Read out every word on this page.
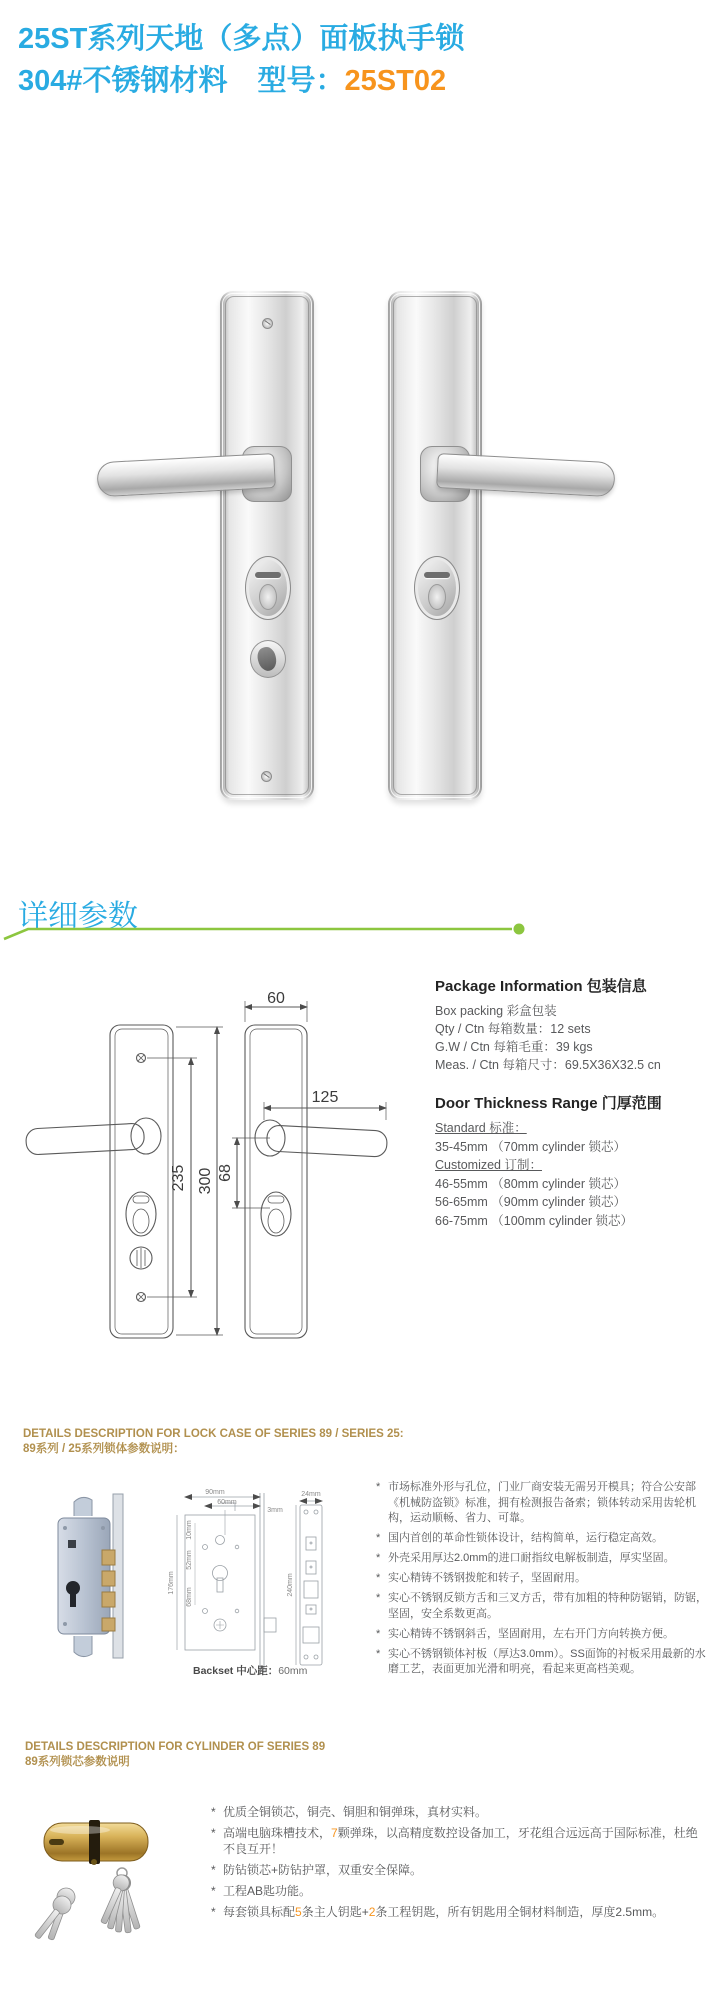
25ST系列天地（多点）面板执手锁
304#不锈钢材料 型号：25ST02
详细参数
60
125
235 300 68
Package Information 包装信息
Box packing 彩盒包装
Qty / Ctn 每箱数量：12 sets
G.W / Ctn 每箱毛重：39 kgs
Meas. / Ctn 每箱尺寸：69.5X36X32.5 cn
Door Thickness Range 门厚范围
Standard 标准：
35-45mm （70mm cylinder 锁芯）
Customized 订制：
46-55mm （80mm cylinder 锁芯）
56-65mm （90mm cylinder 锁芯）
66-75mm （100mm cylinder 锁芯）
DETAILS DESCRIPTION FOR LOCK CASE OF SERIES 89 / SERIES 25:
89系列 / 25系列锁体参数说明：
90mm
60mm
3mm
10mm
52mm
68mm
176mm	240mm
24mm
Backset 中心距：60mm
* 市场标准外形与孔位，门业厂商安装无需另开模具；符合公安部《机械防盗锁》标准，拥有检测报告备索；锁体转动采用齿轮机构，运动顺畅、省力、可靠。
* 国内首创的革命性锁体设计，结构简单，运行稳定高效。
* 外壳采用厚达2.0mm的进口耐指纹电解板制造，厚实坚固。
* 实心精铸不锈钢拨舵和转子，坚固耐用。
* 实心不锈钢反锁方舌和三叉方舌，带有加粗的特种防锯销，防锯，坚固，安全系数更高。
* 实心精铸不锈钢斜舌，坚固耐用，左右开门方向转换方便。
* 实心不锈钢锁体衬板（厚达3.0mm）。SS面饰的衬板采用最新的水磨工艺，表面更加光滑和明亮，看起来更高档美观。
DETAILS DESCRIPTION FOR CYLINDER OF SERIES 89
89系列锁芯参数说明
* 优质全铜锁芯，铜壳、铜胆和铜弹珠，真材实料。
* 高端电脑珠槽技术，7颗弹珠，以高精度数控设备加工，牙花组合远远高于国际标准，杜绝不良互开！
* 防钻锁芯+防钻护罩，双重安全保障。
* 工程AB匙功能。
* 每套锁具标配5条主人钥匙+2条工程钥匙，所有钥匙用全铜材料制造，厚度2.5mm。
